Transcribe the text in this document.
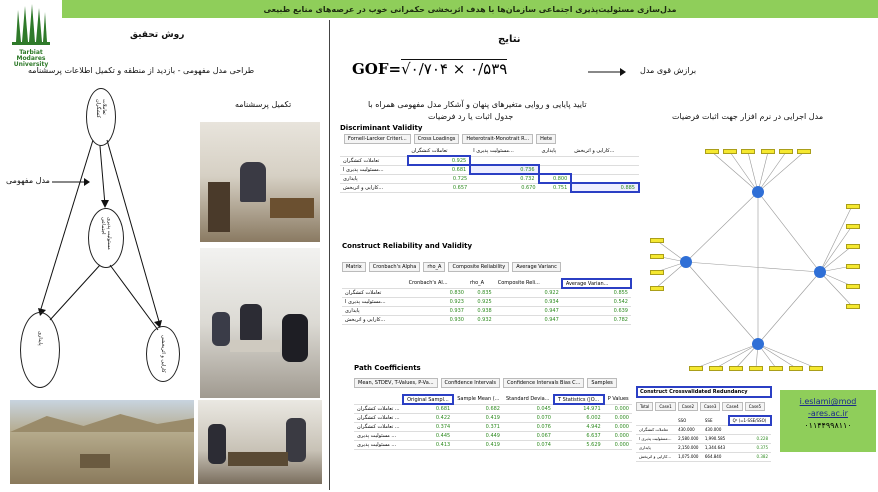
مدل‌سازی مسئولیت‌پذیری اجتماعی سازمان‌ها با هدف اثربخشی حکمرانی خوب در عرصه‌های منابع طبیعی
Tarbiat Modares
University
روش تحقیق
طراحی مدل مفهومی - بازدید از منطقه و تکمیل اطلاعات پرسشنامه
تکمیل پرسشنامه
مدل مفهومی
تعاملات کنشگران
مسئولیت پذیری اجتماعی
پایداری	کارایی و اثربخشی
نتایج
GOF=√۰/۷۰۴ × ۰/۵۳۹	برازش قوی مدل
تایید پایایی و روایی متغیرهای پنهان و آشکار مدل مفهومی همراه با
جدول اثبات یا رد فرضیات	مدل اجرایی در نرم افزار جهت اثبات فرضیات
Discriminant Validity
Fornell-Larcker Criteri...	Cross Loadings	Heterotrait-Monotrait R...	Hete
	تعاملات کنشگران	مسئولیت پذیری ا...	پایداری	کارایی و اثربخش...
تعاملات کنشگران	0.925			
مسئولیت پذیری ا...	0.681	0.736		
پایداری	0.725	0.732	0.800	
کارایی و اثربخش...	0.657	0.670	0.751	0.885
Construct Reliability and Validity
Matrix	Cronbach's Alpha	rho_A	Composite Reliability	Average Varianc
	Cronbach's Al...	rho_A	Composite Reli...	Average Varian...
تعاملات کنشگران	0.830	0.835	0.922	0.855
مسئولیت پذیری ا...	0.923	0.925	0.934	0.542
پایداری	0.937	0.938	0.947	0.639
کارایی و اثربخش...	0.930	0.932	0.947	0.782
Path Coefficients
Mean, STDEV, T-Values, P-Va...	Confidence Intervals	Confidence Intervals Bias C...	Samples
	Original Sampl...	Sample Mean (...	Standard Devia...	T Statistics (|O...	P Values
تعاملات کنشگران ...	0.681	0.682	0.045	14.971	0.000
تعاملات کنشگران ...	0.422	0.419	0.070	6.002	0.000
تعاملات کنشگران ...	0.374	0.371	0.076	4.942	0.000
مسئولیت پذیری ...	0.445	0.449	0.067	6.637	0.000
مسئولیت پذیری ...	0.413	0.419	0.074	5.629	0.000
Construct Crossvalidated Redundancy
Total	Case1	Case2	Case3	Case4	Case5
	SSO	SSE	Q² (=1-SSE/SSO)
تعاملات کنشگران	430.000	430.000	
مسئولیت پذیری ا...	2,580.000	1,990.585	0.228
پایداری	2,150.000	1,344.643	0.375
کارایی و اثربخش...	1,075.000	664.840	0.382
i.eslami@mod
-ares.ac.ir
۰۱۱۴۴۹۹۸۱۱۰
